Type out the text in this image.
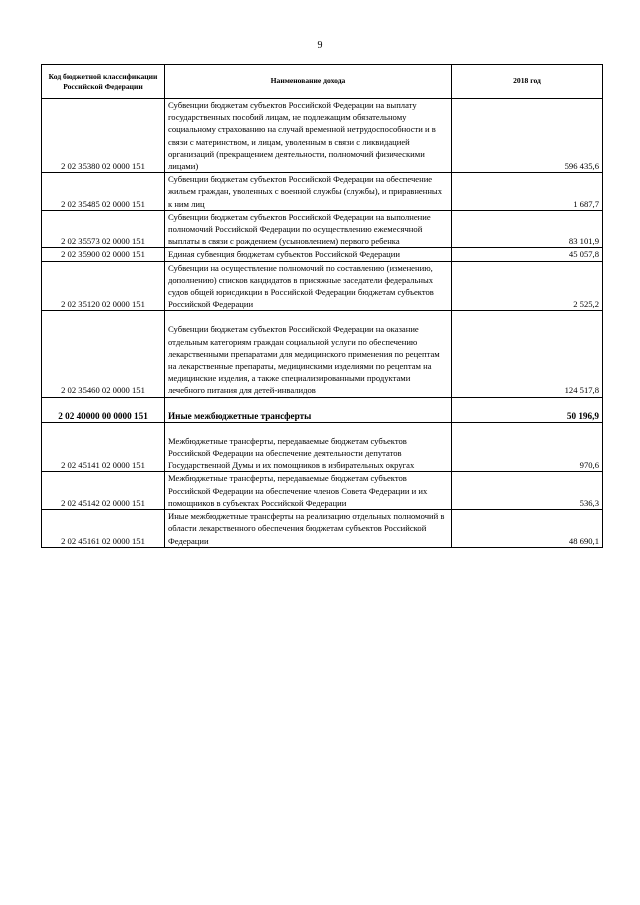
9
Код бюджетной классификации Российской Федерации	Наименование дохода	2018 год
2 02 35380 02 0000 151	Субвенции бюджетам субъектов Российской Федерации на выплату государственных пособий лицам, не подлежащим обязательному социальному страхованию на случай временной нетрудоспособности и в связи с материнством, и лицам, уволенным в связи с ликвидацией организаций (прекращением деятельности, полномочий физическими лицами)	596 435,6
2 02 35485 02 0000 151	Субвенции бюджетам субъектов Российской Федерации на обеспечение жильем граждан, уволенных с военной службы (службы), и приравненных к ним лиц	1 687,7
2 02 35573 02 0000 151	Субвенции бюджетам субъектов Российской Федерации на выполнение полномочий Российской Федерации по осуществлению ежемесячной выплаты в связи с рождением (усыновлением) первого ребенка	83 101,9
2 02 35900 02 0000 151	Единая субвенция бюджетам субъектов Российской Федерации	45 057,8
2 02 35120 02 0000 151	Субвенции на осуществление полномочий по составлению (изменению, дополнению) списков кандидатов в присяжные заседатели федеральных судов общей юрисдикции в Российской Федерации бюджетам субъектов Российской Федерации	2 525,2
2 02 35460 02 0000 151	Субвенции бюджетам субъектов Российской Федерации на оказание отдельным категориям граждан социальной услуги по обеспечению лекарственными препаратами для медицинского применения по рецептам на лекарственные препараты, медицинскими изделиями по рецептам на медицинские изделия, а также специализированными продуктами лечебного питания для детей-инвалидов	124 517,8
2 02 40000 00 0000 151	Иные межбюджетные трансферты	50 196,9
2 02 45141 02 0000 151	Межбюджетные трансферты, передаваемые бюджетам субъектов Российской Федерации на обеспечение деятельности депутатов Государственной Думы и их помощников в избирательных округах	970,6
2 02 45142 02 0000 151	Межбюджетные трансферты, передаваемые бюджетам субъектов Российской Федерации на обеспечение членов Совета Федерации и их помощников в субъектах Российской Федерации	536,3
2 02 45161 02 0000 151	Иные межбюджетные трансферты на реализацию отдельных полномочий в области лекарственного обеспечения бюджетам субъектов Российской Федерации	48 690,1
